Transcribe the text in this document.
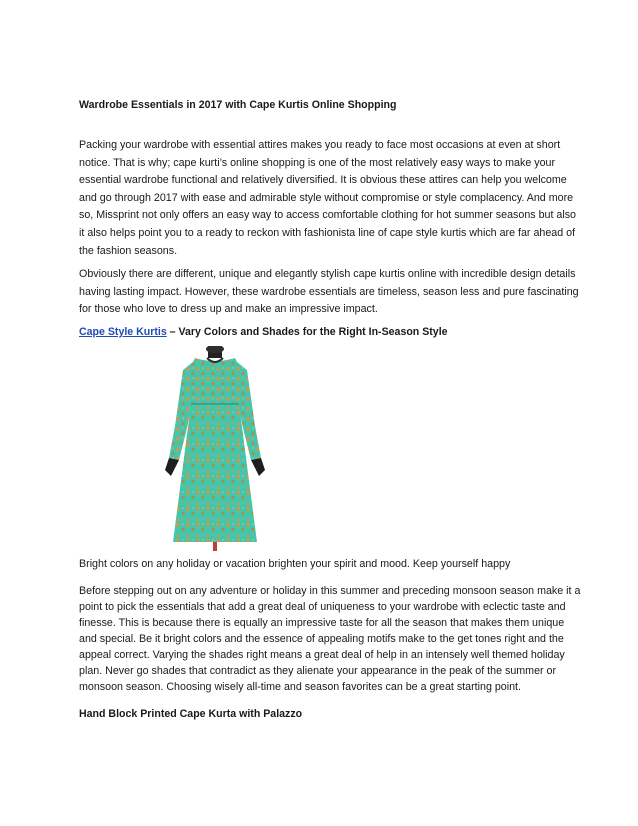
Wardrobe Essentials in 2017 with Cape Kurtis Online Shopping

Packing your wardrobe with essential attires makes you ready to face most occasions at even at short notice. That is why; cape kurti’s online shopping is one of the most relatively easy ways to make your essential wardrobe functional and relatively diversified. It is obvious these attires can help you welcome and go through 2017 with ease and admirable style without compromise or style complacency. And more so, Missprint not only offers an easy way to access comfortable clothing for hot summer seasons but also it also helps point you to a ready to reckon with fashionista line of cape style kurtis which are far ahead of the fashion seasons.

Obviously there are different, unique and elegantly stylish cape kurtis online with incredible design details having lasting impact. However, these wardrobe essentials are timeless, season less and pure fascinating for those who love to dress up and make an impressive impact.

Cape Style Kurtis – Vary Colors and Shades for the Right In-Season Style
Bright colors on any holiday or vacation brighten your spirit and mood. Keep yourself happy

Before stepping out on any adventure or holiday in this summer and preceding monsoon season make it a point to pick the essentials that add a great deal of uniqueness to your wardrobe with eclectic taste and finesse. This is because there is equally an impressive taste for all the season that makes them unique and special. Be it bright colors and the essence of appealing motifs make to the get tones right and the appeal correct. Varying the shades right means a great deal of help in an intensely well themed holiday plan. Never go shades that contradict as they alienate your appearance in the peak of the summer or monsoon season. Choosing wisely all-time and season favorites can be a great starting point.

Hand Block Printed Cape Kurta with Palazzo
